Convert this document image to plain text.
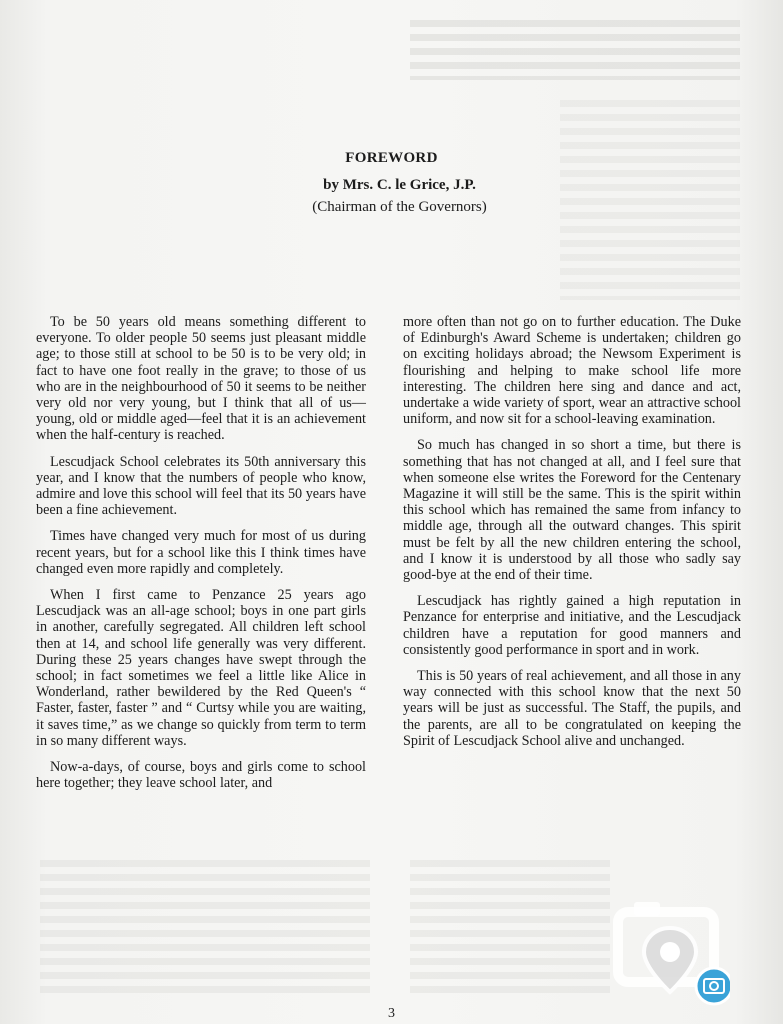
FOREWORD
by Mrs. C. le Grice, J.P.
(Chairman of the Governors)

To be 50 years old means something different to everyone. To older people 50 seems just pleasant middle age; to those still at school to be 50 is to be very old; in fact to have one foot really in the grave; to those of us who are in the neighbourhood of 50 it seems to be neither very old nor very young, but I think that all of us—young, old or middle aged—feel that it is an achievement when the half-century is reached.

Lescudjack School celebrates its 50th anniversary this year, and I know that the numbers of people who know, admire and love this school will feel that its 50 years have been a fine achievement.

Times have changed very much for most of us during recent years, but for a school like this I think times have changed even more rapidly and completely.

When I first came to Penzance 25 years ago Lescudjack was an all-age school; boys in one part girls in another, carefully segregated. All children left school then at 14, and school life generally was very different. During these 25 years changes have swept through the school; in fact sometimes we feel a little like Alice in Wonderland, rather bewildered by the Red Queen's “ Faster, faster, faster ” and “ Curtsy while you are waiting, it saves time,” as we change so quickly from term to term in so many different ways.

Now-a-days, of course, boys and girls come to school here together; they leave school later, and

more often than not go on to further education. The Duke of Edinburgh's Award Scheme is undertaken; children go on exciting holidays abroad; the Newsom Experiment is flourishing and helping to make school life more interesting. The children here sing and dance and act, undertake a wide variety of sport, wear an attractive school uniform, and now sit for a school-leaving examination.

So much has changed in so short a time, but there is something that has not changed at all, and I feel sure that when someone else writes the Foreword for the Centenary Magazine it will still be the same. This is the spirit within this school which has remained the same from infancy to middle age, through all the outward changes. This spirit must be felt by all the new children entering the school, and I know it is understood by all those who sadly say good-bye at the end of their time.

Lescudjack has rightly gained a high reputation in Penzance for enterprise and initiative, and the Lescudjack children have a reputation for good manners and consistently good performance in sport and in work.

This is 50 years of real achievement, and all those in any way connected with this school know that the next 50 years will be just as successful. The Staff, the pupils, and the parents, are all to be congratulated on keeping the Spirit of Lescudjack School alive and unchanged.

3
